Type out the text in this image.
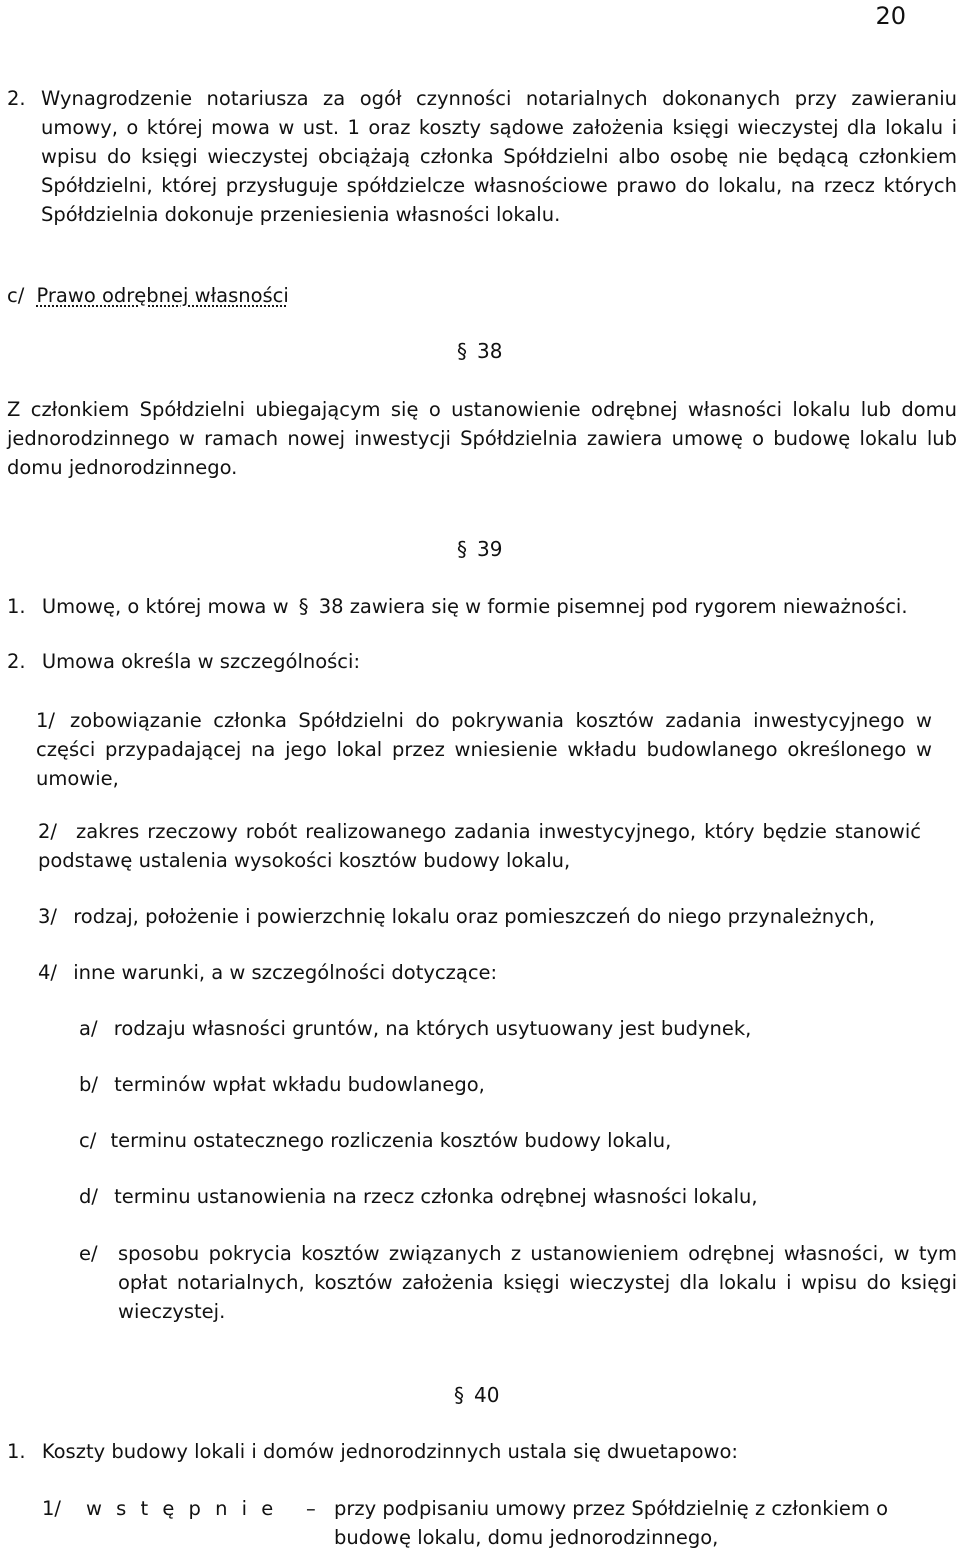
20
2. Wynagrodzenie notariusza za ogół czynności notarialnych dokonanych przy zawieraniu umowy, o której mowa w ust. 1 oraz koszty sądowe założenia księgi wieczystej dla lokalu i wpisu do księgi wieczystej obciążają członka Spółdzielni albo osobę nie będącą członkiem Spółdzielni, której przysługuje spółdzielcze własnościowe prawo do lokalu, na rzecz których Spółdzielnia dokonuje przeniesienia własności lokalu.
c/ Prawo odrębnej własności
§ 38
Z członkiem Spółdzielni ubiegającym się o ustanowienie odrębnej własności lokalu lub domu jednorodzinnego w ramach nowej inwestycji Spółdzielnia zawiera umowę o budowę lokalu lub domu jednorodzinnego.
§ 39
1. Umowę, o której mowa w § 38 zawiera się w formie pisemnej pod rygorem nieważności.
2. Umowa określa w szczególności:
1/ zobowiązanie członka Spółdzielni do pokrywania kosztów zadania inwestycyjnego w części przypadającej na jego lokal przez wniesienie wkładu budowlanego określonego w umowie,
2/ zakres rzeczowy robót realizowanego zadania inwestycyjnego, który będzie stanowić podstawę ustalenia wysokości kosztów budowy lokalu,
3/ rodzaj, położenie i powierzchnię lokalu oraz pomieszczeń do niego przynależnych,
4/ inne warunki, a w szczególności dotyczące:
a/ rodzaju własności gruntów, na których usytuowany jest budynek,
b/ terminów wpłat wkładu budowlanego,
c/ terminu ostatecznego rozliczenia kosztów budowy lokalu,
d/ terminu ustanowienia na rzecz członka odrębnej własności lokalu,
e/ sposobu pokrycia kosztów związanych z ustanowieniem odrębnej własności, w tym opłat notarialnych, kosztów założenia księgi wieczystej dla lokalu i wpisu do księgi wieczystej.
§ 40
1. Koszty budowy lokali i domów jednorodzinnych ustala się dwuetapowo:
1/ w s t ę p n i e – przy podpisaniu umowy przez Spółdzielnię z członkiem o budowę lokalu, domu jednorodzinnego,
